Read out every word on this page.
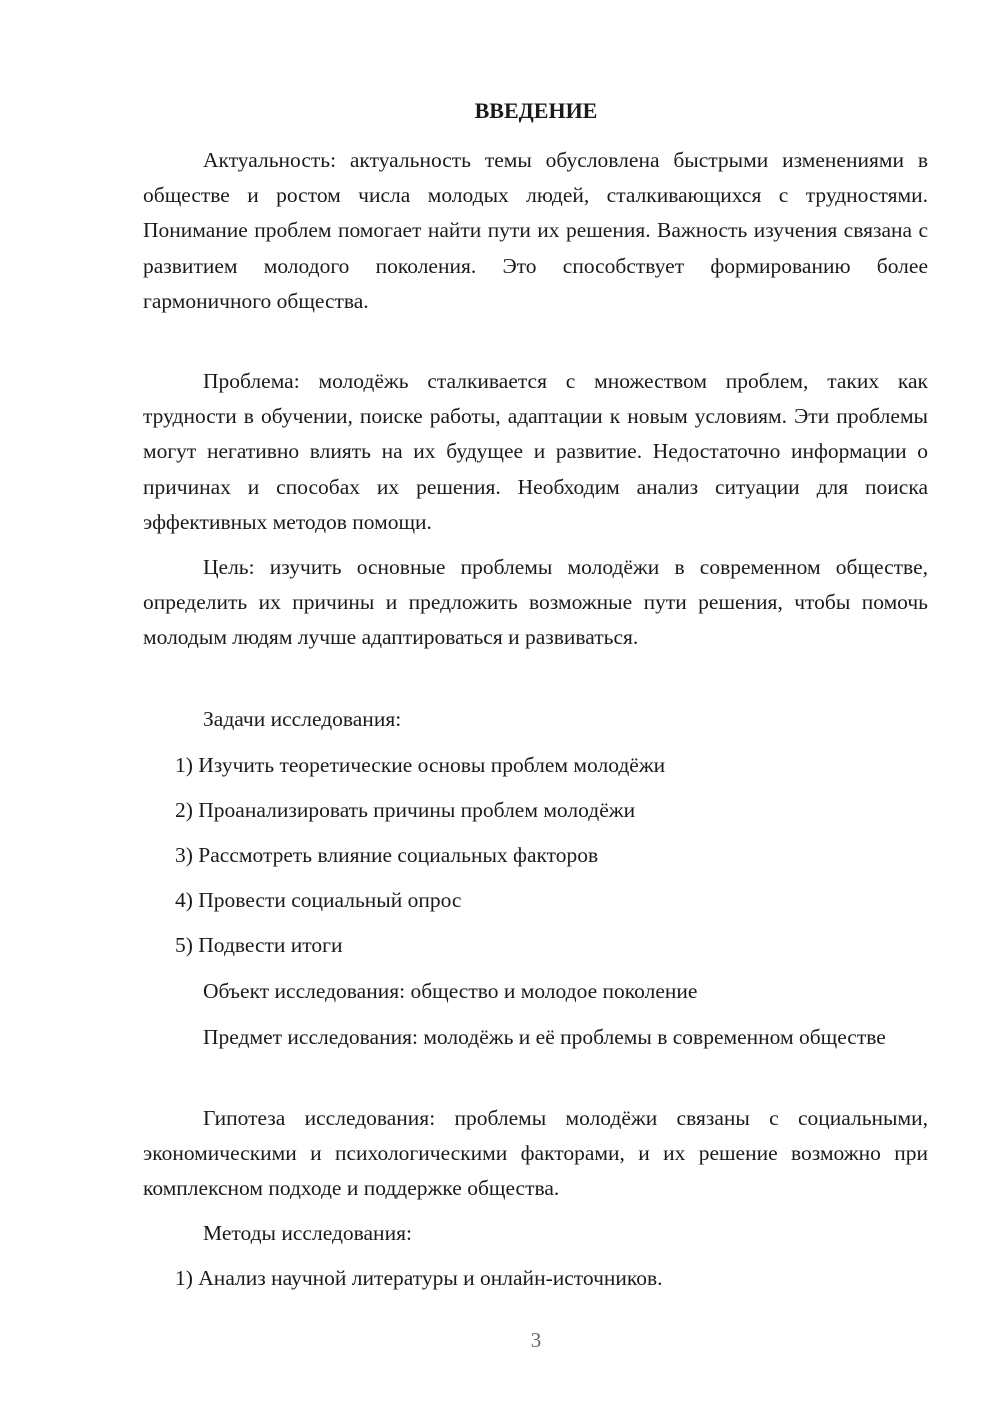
ВВЕДЕНИЕ
Актуальность: актуальность темы обусловлена быстрыми изменениями в обществе и ростом числа молодых людей, сталкивающихся с трудностями. Понимание проблем помогает найти пути их решения. Важность изучения связана с развитием молодого поколения. Это способствует формированию более гармоничного общества.
Проблема: молодёжь сталкивается с множеством проблем, таких как трудности в обучении, поиске работы, адаптации к новым условиям. Эти проблемы могут негативно влиять на их будущее и развитие. Недостаточно информации о причинах и способах их решения. Необходим анализ ситуации для поиска эффективных методов помощи.
Цель: изучить основные проблемы молодёжи в современном обществе, определить их причины и предложить возможные пути решения, чтобы помочь молодым людям лучше адаптироваться и развиваться.
Задачи исследования:
1) Изучить теоретические основы проблем молодёжи
2) Проанализировать причины проблем молодёжи
3) Рассмотреть влияние социальных факторов
4) Провести социальный опрос
5) Подвести итоги
Объект исследования: общество и молодое поколение
Предмет исследования: молодёжь и её проблемы в современном обществе
Гипотеза исследования: проблемы молодёжи связаны с социальными, экономическими и психологическими факторами, и их решение возможно при комплексном подходе и поддержке общества.
Методы исследования:
1) Анализ научной литературы и онлайн-источников.
3
